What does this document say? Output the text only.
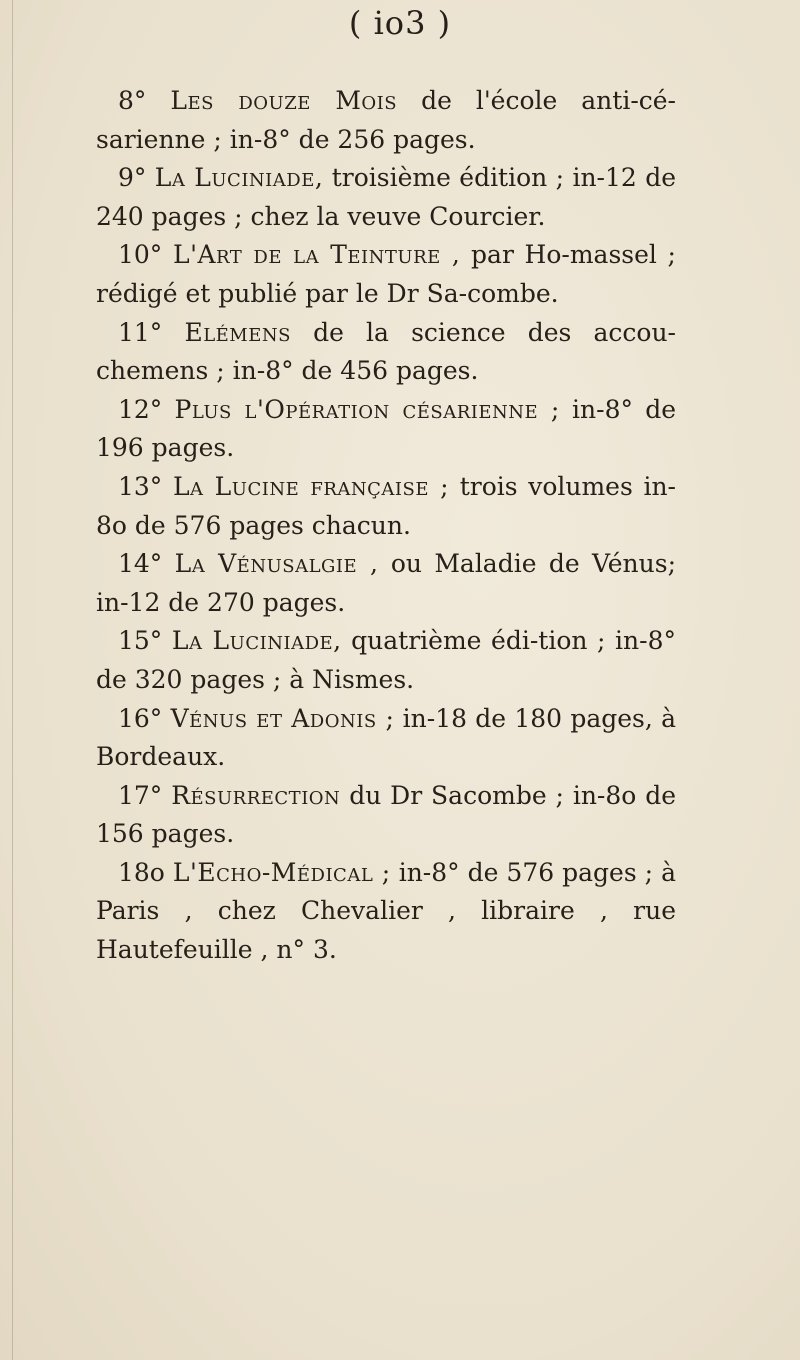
( io3 )

8° Les douze Mois de l'école anti-cé-sarienne ; in-8° de 256 pages.

9° La Luciniade, troisième édition ; in-12 de 240 pages ; chez la veuve Courcier.

10° L'Art de la Teinture , par Ho-massel ; rédigé et publié par le Dr Sa-combe.

11° Elémens de la science des accou-chemens ; in-8° de 456 pages.

12° Plus l'Opération césarienne ; in-8° de 196 pages.

13° La Lucine française ; trois volumes in-8o de 576 pages chacun.

14° La Vénusalgie , ou Maladie de Vénus; in-12 de 270 pages.

15° La Luciniade, quatrième édi-tion ; in-8° de 320 pages ; à Nismes.

16° Vénus et Adonis ; in-18 de 180 pages, à Bordeaux.

17° Résurrection du Dr Sacombe ; in-8o de 156 pages.

18o L'Echo-Médical ; in-8° de 576 pages ; à Paris , chez Chevalier , libraire , rue Hautefeuille , n° 3.
